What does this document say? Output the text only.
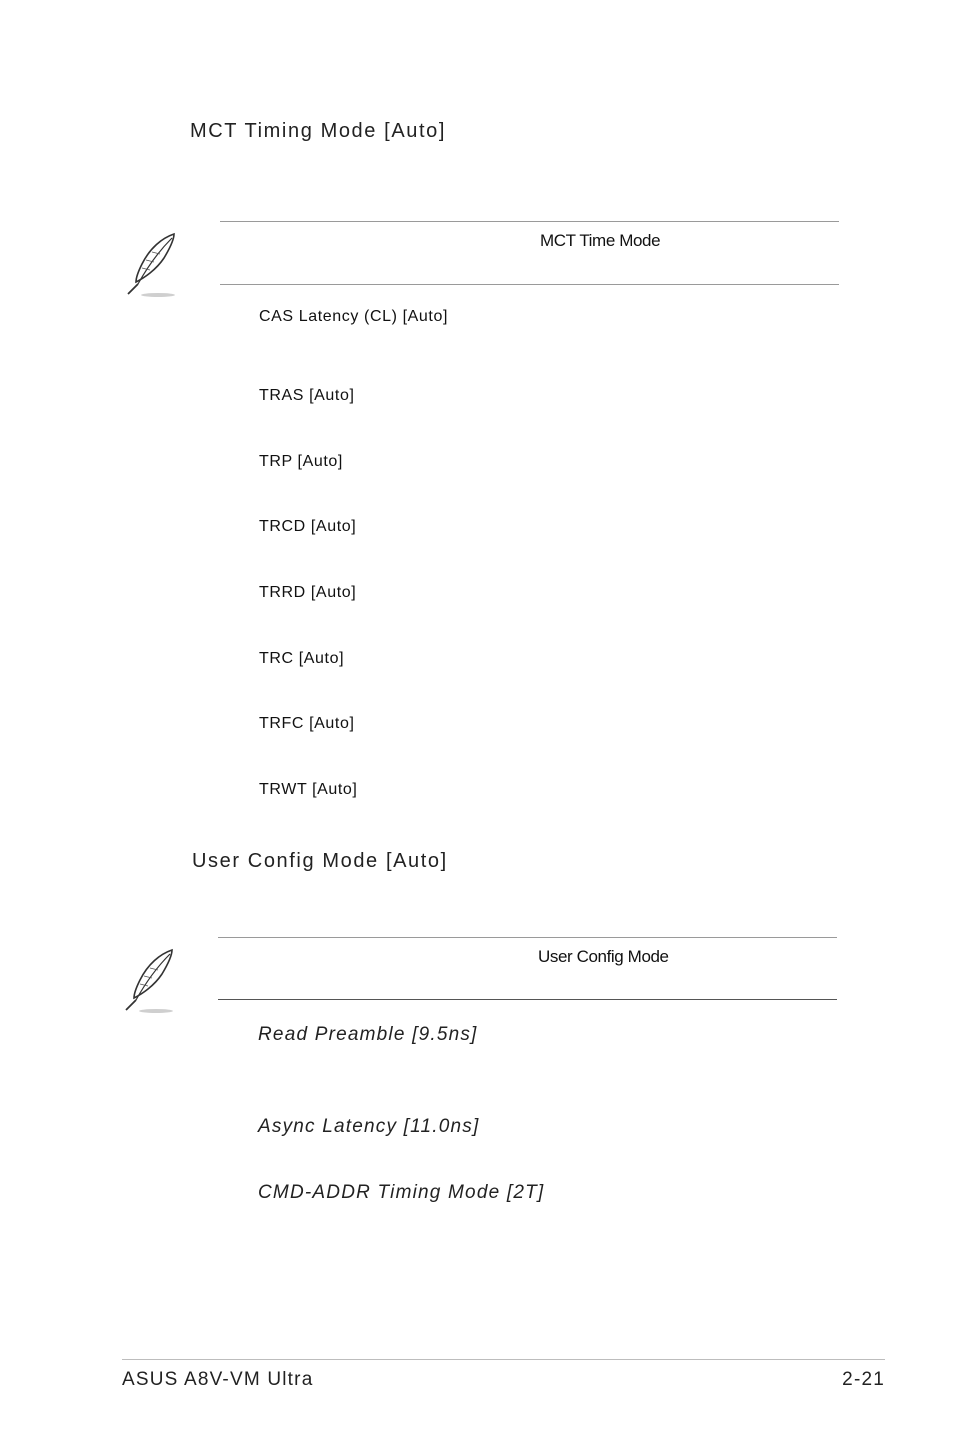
MCT Timing Mode [Auto]
MCT Time Mode
CAS Latency (CL) [Auto]
TRAS [Auto]
TRP [Auto]
TRCD [Auto]
TRRD [Auto]
TRC [Auto]
TRFC [Auto]
TRWT [Auto]
User Config Mode [Auto]
User Config Mode
Read Preamble [9.5ns]
Async Latency [11.0ns]
CMD-ADDR Timing Mode [2T]
ASUS A8V-VM Ultra	2-21
